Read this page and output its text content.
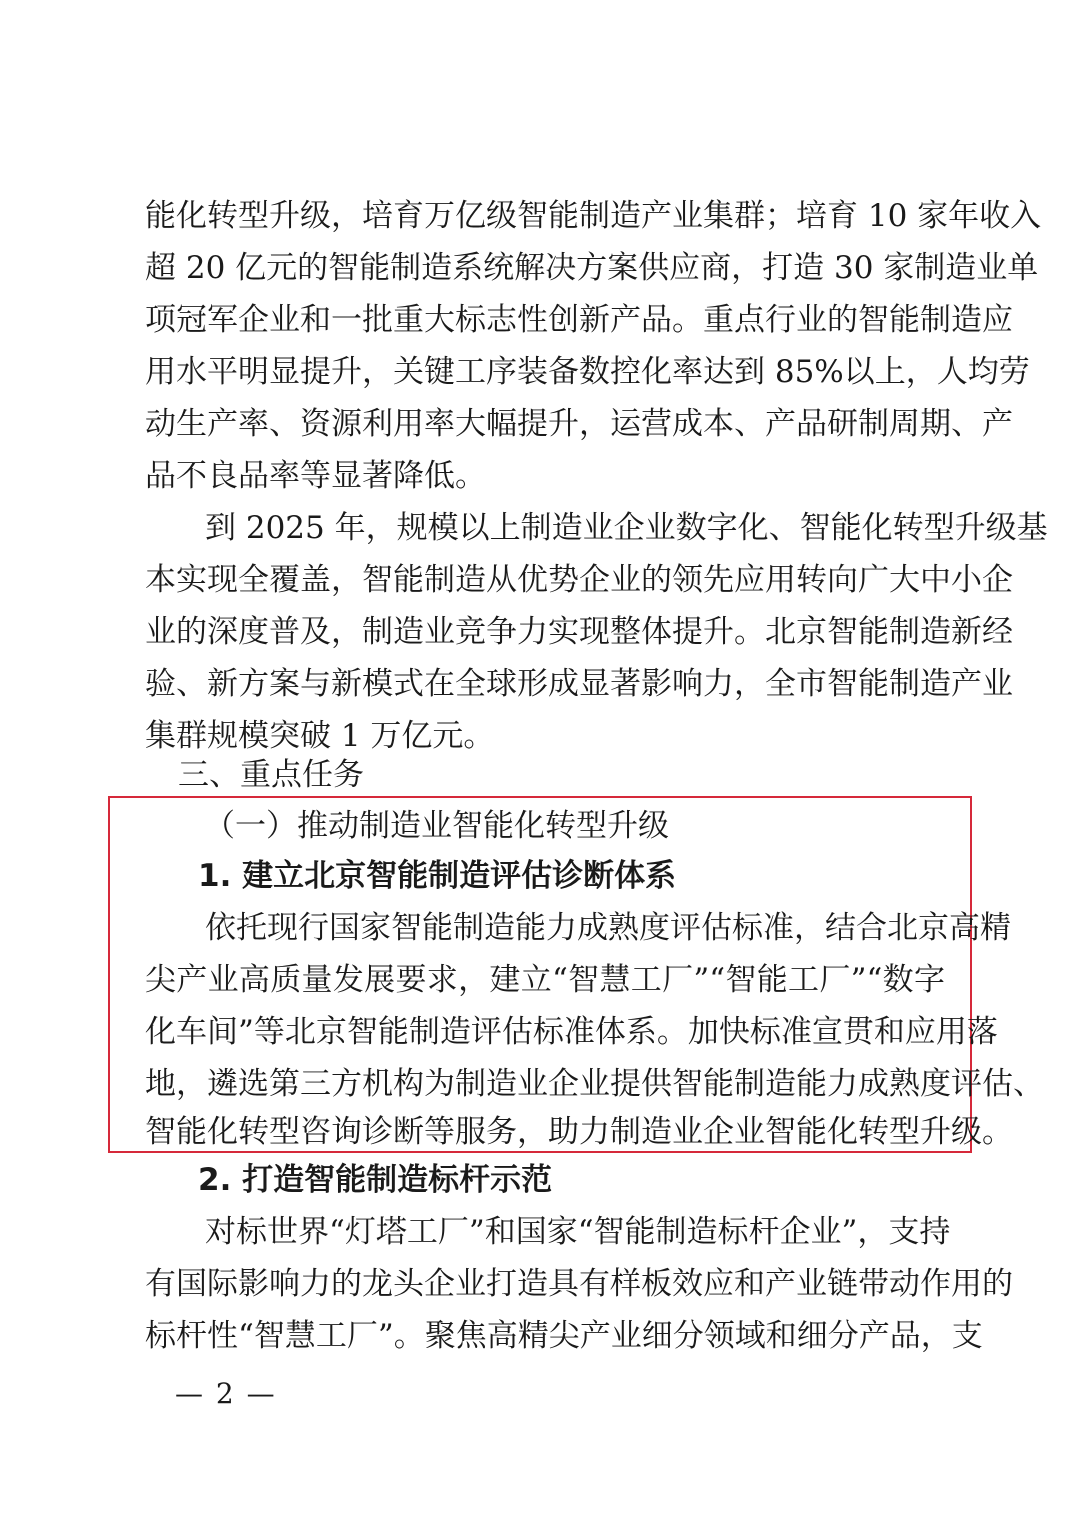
能化转型升级，培育万亿级智能制造产业集群；培育 10 家年收入
超 20 亿元的智能制造系统解决方案供应商，打造 30 家制造业单
项冠军企业和一批重大标志性创新产品。重点行业的智能制造应
用水平明显提升，关键工序装备数控化率达到 85%以上，人均劳
动生产率、资源利用率大幅提升，运营成本、产品研制周期、产
品不良品率等显著降低。
到 2025 年，规模以上制造业企业数字化、智能化转型升级基
本实现全覆盖，智能制造从优势企业的领先应用转向广大中小企
业的深度普及，制造业竞争力实现整体提升。北京智能制造新经
验、新方案与新模式在全球形成显著影响力，全市智能制造产业
集群规模突破 1 万亿元。
三、重点任务
（一）推动制造业智能化转型升级
1. 建立北京智能制造评估诊断体系
依托现行国家智能制造能力成熟度评估标准，结合北京高精
尖产业高质量发展要求，建立“智慧工厂”“智能工厂”“数字
化车间”等北京智能制造评估标准体系。加快标准宣贯和应用落
地，遴选第三方机构为制造业企业提供智能制造能力成熟度评估、
智能化转型咨询诊断等服务，助力制造业企业智能化转型升级。
2. 打造智能制造标杆示范
对标世界“灯塔工厂”和国家“智能制造标杆企业”，支持
有国际影响力的龙头企业打造具有样板效应和产业链带动作用的
标杆性“智慧工厂”。聚焦高精尖产业细分领域和细分产品，支
— 2 —
